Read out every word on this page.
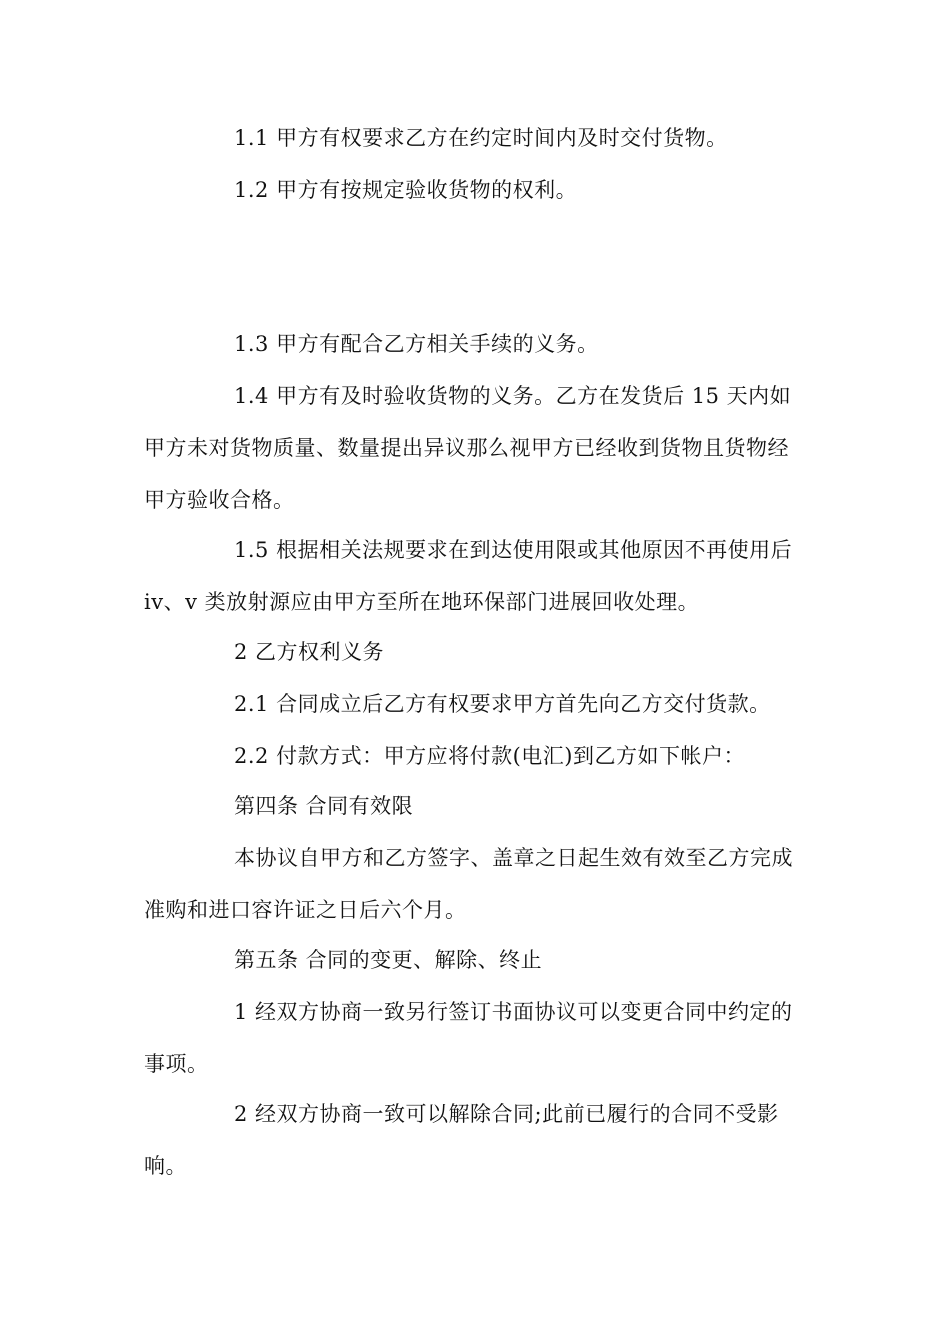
1.1 甲方有权要求乙方在约定时间内及时交付货物。

1.2 甲方有按规定验收货物的权利。

1.3 甲方有配合乙方相关手续的义务。

1.4 甲方有及时验收货物的义务。乙方在发货后 15 天内如甲方未对货物质量、数量提出异议那么视甲方已经收到货物且货物经甲方验收合格。

1.5 根据相关法规要求在到达使用限或其他原因不再使用后 iv、v 类放射源应由甲方至所在地环保部门进展回收处理。

2 乙方权利义务

2.1 合同成立后乙方有权要求甲方首先向乙方交付货款。

2.2 付款方式：甲方应将付款(电汇)到乙方如下帐户：

第四条 合同有效限

本协议自甲方和乙方签字、盖章之日起生效有效至乙方完成准购和进口容许证之日后六个月。

第五条 合同的变更、解除、终止

1 经双方协商一致另行签订书面协议可以变更合同中约定的事项。

2 经双方协商一致可以解除合同;此前已履行的合同不受影响。
